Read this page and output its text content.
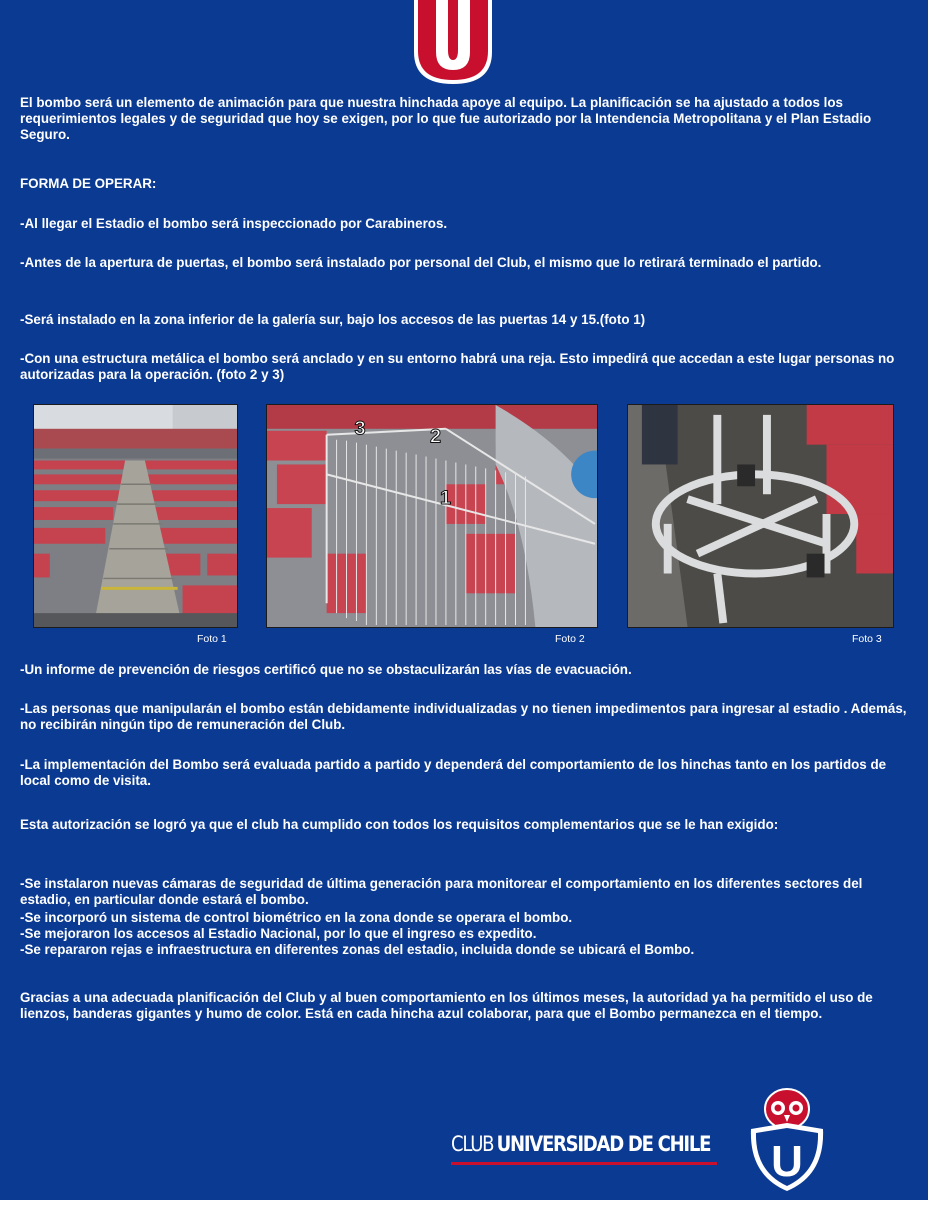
El bombo será un elemento de animación para que nuestra hinchada apoye al equipo. La planificación se ha ajustado a todos los requerimientos legales y de seguridad que hoy se exigen, por lo que fue autorizado por la Intendencia Metropolitana y el Plan Estadio Seguro.

FORMA DE OPERAR:

-Al llegar el Estadio el bombo será inspeccionado por Carabineros.

-Antes de la apertura de puertas, el bombo será instalado por personal del Club, el mismo que lo retirará terminado el partido.

-Será instalado en la zona inferior de la galería sur, bajo los accesos de las puertas 14 y 15.(foto 1)

-Con una estructura metálica el bombo será anclado y en su entorno habrá una reja. Esto impedirá que accedan a este lugar personas no autorizadas para la operación. (foto 2 y 3)

Foto 1
3	2
1
Foto 2	Foto 3

-Un informe de prevención de riesgos certificó que no se obstaculizarán las vías de evacuación.

-Las personas que manipularán el bombo están debidamente individualizadas y no tienen impedimentos para ingresar al estadio . Además, no recibirán ningún tipo de remuneración del Club.

-La implementación del Bombo será evaluada partido a partido y dependerá del comportamiento de los hinchas tanto en los partidos de local como de visita.

Esta autorización se logró ya que el club ha cumplido con todos los requisitos complementarios que se le han exigido:

-Se instalaron nuevas cámaras de seguridad de última generación para monitorear el comportamiento en los diferentes sectores del estadio, en particular donde estará el bombo.

-Se incorporó un sistema de control biométrico en la zona donde se operara el bombo.

-Se mejoraron los accesos al Estadio Nacional, por lo que el ingreso es expedito.

-Se repararon rejas e infraestructura en diferentes zonas del estadio, incluida donde se ubicará el Bombo.

Gracias a una adecuada planificación del Club y al buen comportamiento en los últimos meses, la autoridad ya ha permitido el uso de lienzos, banderas gigantes y humo de color. Está en cada hincha azul colaborar, para que el Bombo permanezca en el tiempo.

CLUB UNIVERSIDAD DE CHILE U
